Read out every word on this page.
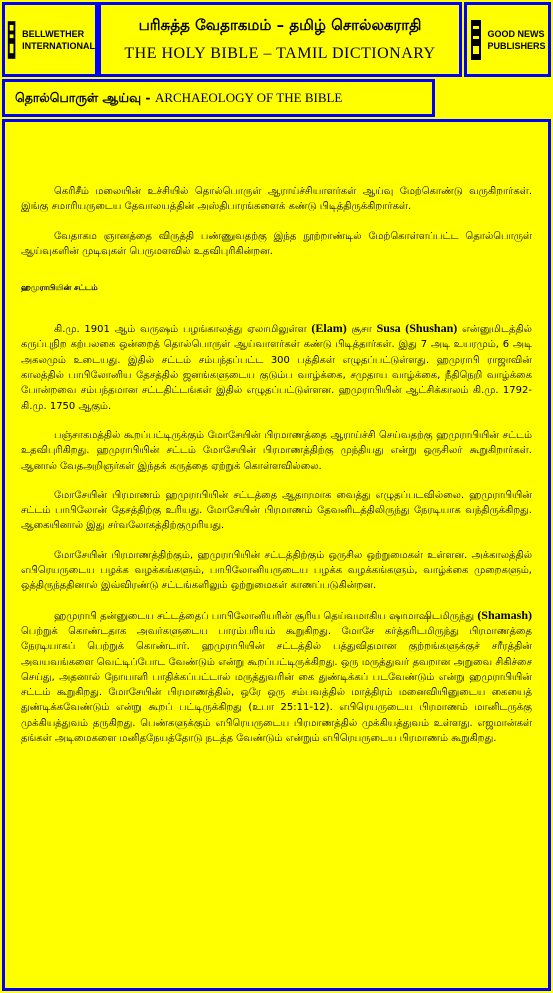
BELLWETHER
INTERNATIONAL
பரிசுத்த வேதாகமம் – தமிழ் சொல்லகராதி
THE HOLY BIBLE – TAMIL DICTIONARY
GOOD NEWS
PUBLISHERS
தொல்பொருள் ஆய்வு - ARCHAEOLOGY OF THE BIBLE

கெரிசீம் மலையின் உச்சியில் தொல்பொருள் ஆராய்ச்சியாளர்கள் ஆய்வு மேற்கொண்டு வருகிறார்கள். இங்கு சமாரியருடைய தேவாலயத்தின் அஸ்திபாரங்களைக் கண்டு பிடித்திருக்கிறார்கள்.

வேதாகம ஞானத்தை விருத்தி பண்ணுவதற்கு இந்த நூற்றாண்டில் மேற்கொள்ளப்பட்ட தொல்பொருள் ஆய்வுகளின் முடிவுகள் பெருமளவில் உதவிபுரிகின்றன.

ஹமுராபியின் சட்டம்

கி.மு. 1901 ஆம் வருஷம் பழங்காலத்து ஏலாமிலுள்ள (Elam) சூசா Susa (Shushan) என்னுமிடத்தில் கருப்புநிற கற்பலகை ஒன்றைத் தொல்பொருள் ஆய்வாளர்கள் கண்டு பிடித்தார்கள். இது 7 அடி உயரமும், 6 அடி அகலமும் உடையது. இதில் சட்டம் சம்பந்தப்பட்ட 300 பத்திகள் எழுதப்பட்டுள்ளது. ஹமுராபி ராஜாவின் காலத்தில் பாபிலோனிய தேசத்தில் ஜனங்களுடைய குடும்ப வாழ்க்கை, சமுதாய வாழ்க்கை, நீதிநெறி வாழ்க்கை போன்றவை சம்பந்தமான சட்டதிட்டங்கள் இதில் எழுதப்பட்டுள்ளன. ஹமுராபியின் ஆட்சிக்காலம் கி.மு. 1792-கி.மு. 1750 ஆகும்.

பஞ்சாகமத்தில் கூறப்பட்டிருக்கும் மோசேயின் பிரமாணத்தை ஆராய்ச்சி செய்வதற்கு ஹமுராபியின் சட்டம் உதவிபுரிகிறது. ஹமுராபியின் சட்டம் மோசேயின் பிரமாணத்திற்கு முந்தியது என்று ஒருசிலர் கூறுகிறார்கள். ஆனால் வேதஅறிஞர்கள் இந்தக் கருத்தை ஏற்றுக் கொள்ளவில்லை.

மோசேயின் பிரமாணம் ஹமுராபியின் சட்டத்தை ஆதாரமாக வைத்து எழுதப்படவில்லை. ஹமுராபியின் சட்டம் பாபிலோன் தேசத்திற்கு உரியது. மோசேயின் பிரமாணம் தேவனிடத்திலிருந்து நேரடியாக வந்திருக்கிறது. ஆகையினால் இது சர்வலோகத்திற்குமுரியது.

மோசேயின் பிரமாணத்திற்கும், ஹமுராபியின் சட்டத்திற்கும் ஒருசில ஒற்றுமைகள் உள்ளன. அக்காலத்தில் எபிரெயருடைய பழக்க வழக்கங்களும், பாபிலோனியருடைய பழக்க வழக்கங்களும், வாழ்க்கை முறைகளும், ஒத்திருந்ததினால் இவ்விரண்டு சட்டங்களிலும் ஒற்றுமைகள் காணப்படுகின்றன.

ஹமுராபி தன்னுடைய சட்டத்தைப் பாபிலோனியரின் சூரிய தெய்வமாகிய ஷாமாஷிடமிருந்து (Shamash) பெற்றுக் கொண்டதாக அவர்களுடைய பாரம்பரியம் கூறுகிறது. மோசே கர்த்தரிடமிருந்து பிரமாணத்தை நேரடியாகப் பெற்றுக் கொண்டார். ஹமுராபியின் சட்டத்தில் பத்துவிதமான குற்றங்களுக்குச் சரீரத்தின் அவயவங்களை வெட்டிப்போட வேண்டும் என்று கூறப்பட்டிருக்கிறது. ஒரு மருத்துவர் தவறான அறுவை சிகிச்சை செய்து, அதனால் நோயாளி பாதிக்கப்பட்டால் மருத்துவரின் கை துண்டிக்கப் படவேண்டும் என்று ஹமுராபியின் சட்டம் கூறுகிறது. மோசேயின் பிரமாணத்தில், ஒரே ஒரு சம்பவத்தில் மாத்திரம் மனைவியினுடைய கையைத் துண்டிக்கவேண்டும் என்று கூறப் பட்டிருக்கிறது (உபா 25:11-12). எபிரெயருடைய பிரமாணம் மானிடருக்கு முக்கியத்துவம் தருகிறது. பெண்களுக்கும் எபிரெயருடைய பிரமாணத்தில் முக்கியத்துவம் உள்ளது. எஜமான்கள் தங்கள் அடிமைகளை மனிதநேயத்தோடு நடத்த வேண்டும் என்றும் எபிரெயருடைய பிரமாணம் கூறுகிறது.
